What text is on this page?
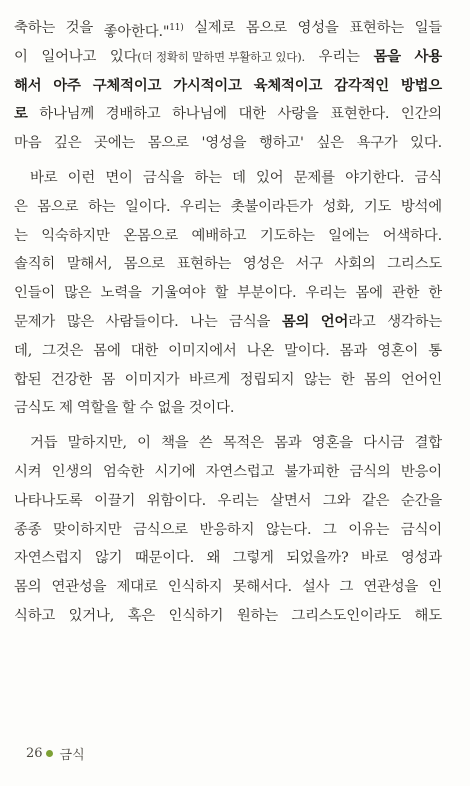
축하는 것을 좋아한다."11) 실제로 몸으로 영성을 표현하는 일들
이 일어나고 있다(더 정확히 말하면 부활하고 있다). 우리는 몸을 사용
해서 아주 구체적이고 가시적이고 육체적이고 감각적인 방법으
로 하나님께 경배하고 하나님에 대한 사랑을 표현한다. 인간의
마음 깊은 곳에는 몸으로 '영성을 행하고' 싶은 욕구가 있다.
바로 이런 면이 금식을 하는 데 있어 문제를 야기한다. 금식
은 몸으로 하는 일이다. 우리는 촛불이라든가 성화, 기도 방석에
는 익숙하지만 온몸으로 예배하고 기도하는 일에는 어색하다.
솔직히 말해서, 몸으로 표현하는 영성은 서구 사회의 그리스도
인들이 많은 노력을 기울여야 할 부분이다. 우리는 몸에 관한 한
문제가 많은 사람들이다. 나는 금식을 몸의 언어라고 생각하는
데, 그것은 몸에 대한 이미지에서 나온 말이다. 몸과 영혼이 통
합된 건강한 몸 이미지가 바르게 정립되지 않는 한 몸의 언어인
금식도 제 역할을 할 수 없을 것이다.
거듭 말하지만, 이 책을 쓴 목적은 몸과 영혼을 다시금 결합
시켜 인생의 엄숙한 시기에 자연스럽고 불가피한 금식의 반응이
나타나도록 이끌기 위함이다. 우리는 살면서 그와 같은 순간을
종종 맞이하지만 금식으로 반응하지 않는다. 그 이유는 금식이
자연스럽지 않기 때문이다. 왜 그렇게 되었을까? 바로 영성과
몸의 연관성을 제대로 인식하지 못해서다. 설사 그 연관성을 인
식하고 있거나, 혹은 인식하기 원하는 그리스도인이라도 해도
26 금식
